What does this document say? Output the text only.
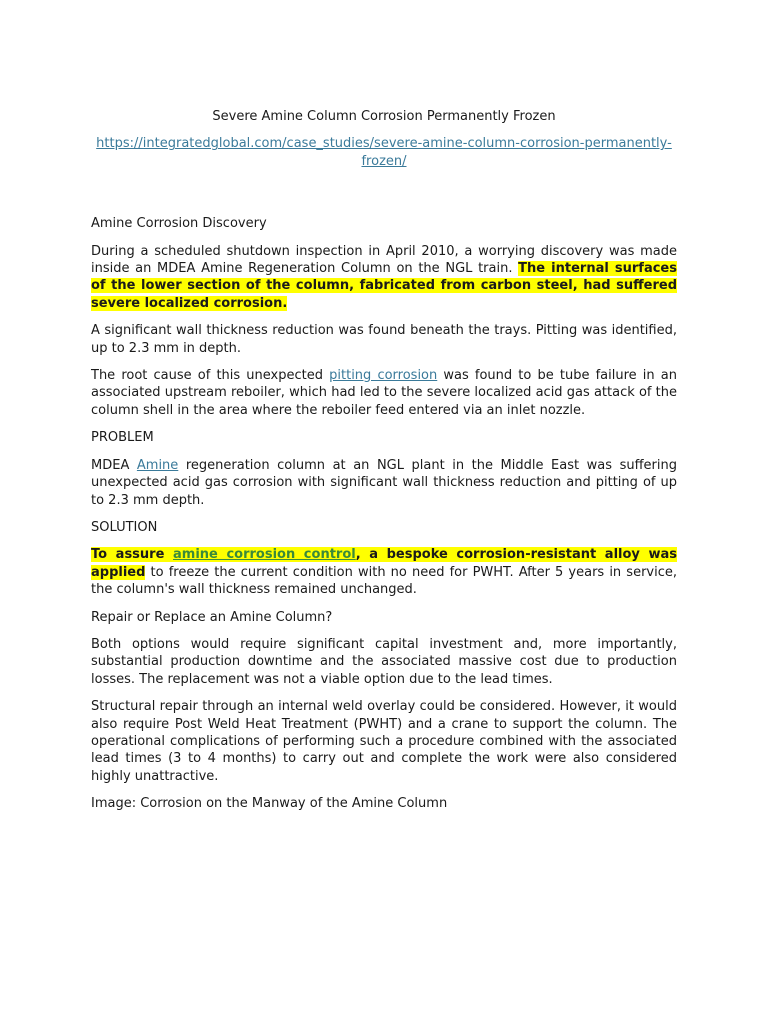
Severe Amine Column Corrosion Permanently Frozen
https://integratedglobal.com/case_studies/severe-amine-column-corrosion-permanently-frozen/
Amine Corrosion Discovery

During a scheduled shutdown inspection in April 2010, a worrying discovery was made inside an MDEA Amine Regeneration Column on the NGL train. The internal surfaces of the lower section of the column, fabricated from carbon steel, had suffered severe localized corrosion.

A significant wall thickness reduction was found beneath the trays. Pitting was identified, up to 2.3 mm in depth.

The root cause of this unexpected pitting corrosion was found to be tube failure in an associated upstream reboiler, which had led to the severe localized acid gas attack of the column shell in the area where the reboiler feed entered via an inlet nozzle.

PROBLEM

MDEA Amine regeneration column at an NGL plant in the Middle East was suffering unexpected acid gas corrosion with significant wall thickness reduction and pitting of up to 2.3 mm depth.

SOLUTION

To assure amine corrosion control, a bespoke corrosion-resistant alloy was applied to freeze the current condition with no need for PWHT. After 5 years in service, the column's wall thickness remained unchanged.

Repair or Replace an Amine Column?

Both options would require significant capital investment and, more importantly, substantial production downtime and the associated massive cost due to production losses. The replacement was not a viable option due to the lead times.

Structural repair through an internal weld overlay could be considered. However, it would also require Post Weld Heat Treatment (PWHT) and a crane to support the column. The operational complications of performing such a procedure combined with the associated lead times (3 to 4 months) to carry out and complete the work were also considered highly unattractive.

Image: Corrosion on the Manway of the Amine Column
